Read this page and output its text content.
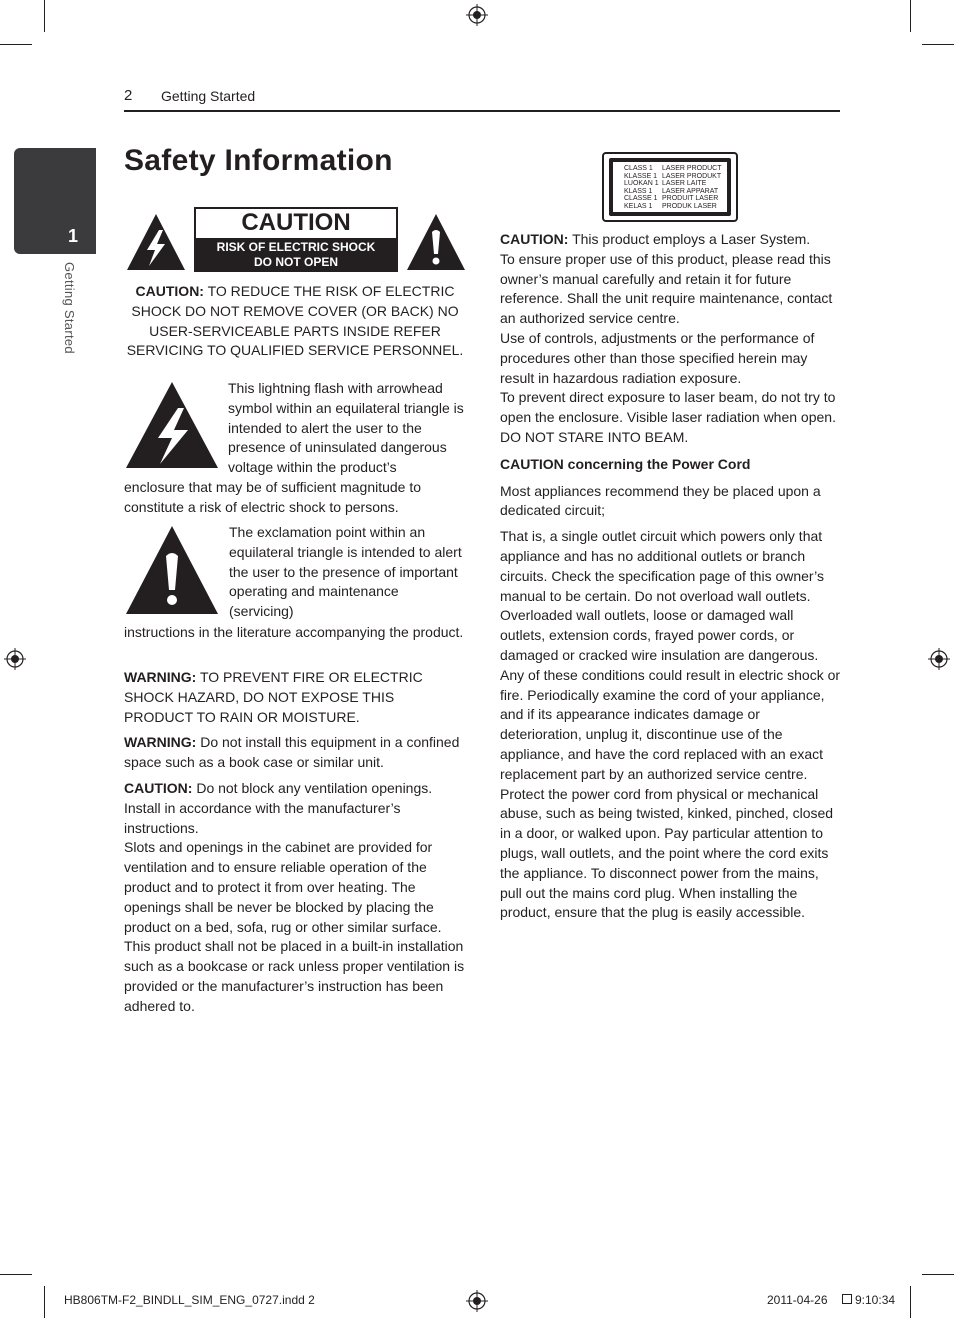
2 Getting Started
1
Getting Started
Safety Information
CAUTION
RISK OF ELECTRIC SHOCK
DO NOT OPEN
CAUTION: TO REDUCE THE RISK OF ELECTRIC SHOCK DO NOT REMOVE COVER (OR BACK) NO USER-SERVICEABLE PARTS INSIDE REFER SERVICING TO QUALIFIED SERVICE PERSONNEL.
This lightning flash with arrowhead symbol within an equilateral triangle is intended to alert the user to the presence of uninsulated dangerous voltage within the product’s
enclosure that may be of sufficient magnitude to constitute a risk of electric shock to persons.
The exclamation point within an equilateral triangle is intended to alert the user to the presence of important operating and maintenance (servicing)
instructions in the literature accompanying the product.

WARNING: TO PREVENT FIRE OR ELECTRIC SHOCK HAZARD, DO NOT EXPOSE THIS PRODUCT TO RAIN OR MOISTURE.

WARNING: Do not install this equipment in a confined space such as a book case or similar unit.

CAUTION: Do not block any ventilation openings. Install in accordance with the manufacturer’s instructions.

Slots and openings in the cabinet are provided for ventilation and to ensure reliable operation of the product and to protect it from over heating. The openings shall be never be blocked by placing the product on a bed, sofa, rug or other similar surface. This product shall not be placed in a built-in installation such as a bookcase or rack unless proper ventilation is provided or the manufacturer’s instruction has been adhered to.

CLASS 1
KLASSE 1
LUOKAN 1
KLASS 1
CLASSE 1
KELAS 1
LASER PRODUCT
LASER PRODUKT
LASER LAITE
LASER APPARAT
PRODUIT LASER
PRODUK LASER

CAUTION: This product employs a Laser System.

To ensure proper use of this product, please read this owner’s manual carefully and retain it for future reference. Shall the unit require maintenance, contact an authorized service centre.

Use of controls, adjustments or the performance of procedures other than those specified herein may result in hazardous radiation exposure.

To prevent direct exposure to laser beam, do not try to open the enclosure. Visible laser radiation when open. DO NOT STARE INTO BEAM.

CAUTION concerning the Power Cord

Most appliances recommend they be placed upon a dedicated circuit;

That is, a single outlet circuit which powers only that appliance and has no additional outlets or branch circuits. Check the specification page of this owner’s manual to be certain. Do not overload wall outlets. Overloaded wall outlets, loose or damaged wall outlets, extension cords, frayed power cords, or damaged or cracked wire insulation are dangerous. Any of these conditions could result in electric shock or fire. Periodically examine the cord of your appliance, and if its appearance indicates damage or deterioration, unplug it, discontinue use of the appliance, and have the cord replaced with an exact replacement part by an authorized service centre. Protect the power cord from physical or mechanical abuse, such as being twisted, kinked, pinched, closed in a door, or walked upon. Pay particular attention to plugs, wall outlets, and the point where the cord exits the appliance. To disconnect power from the mains, pull out the mains cord plug. When installing the product, ensure that the plug is easily accessible.

HB806TM-F2_BINDLL_SIM_ENG_0727.indd 2	2011-04-26 9:10:34
